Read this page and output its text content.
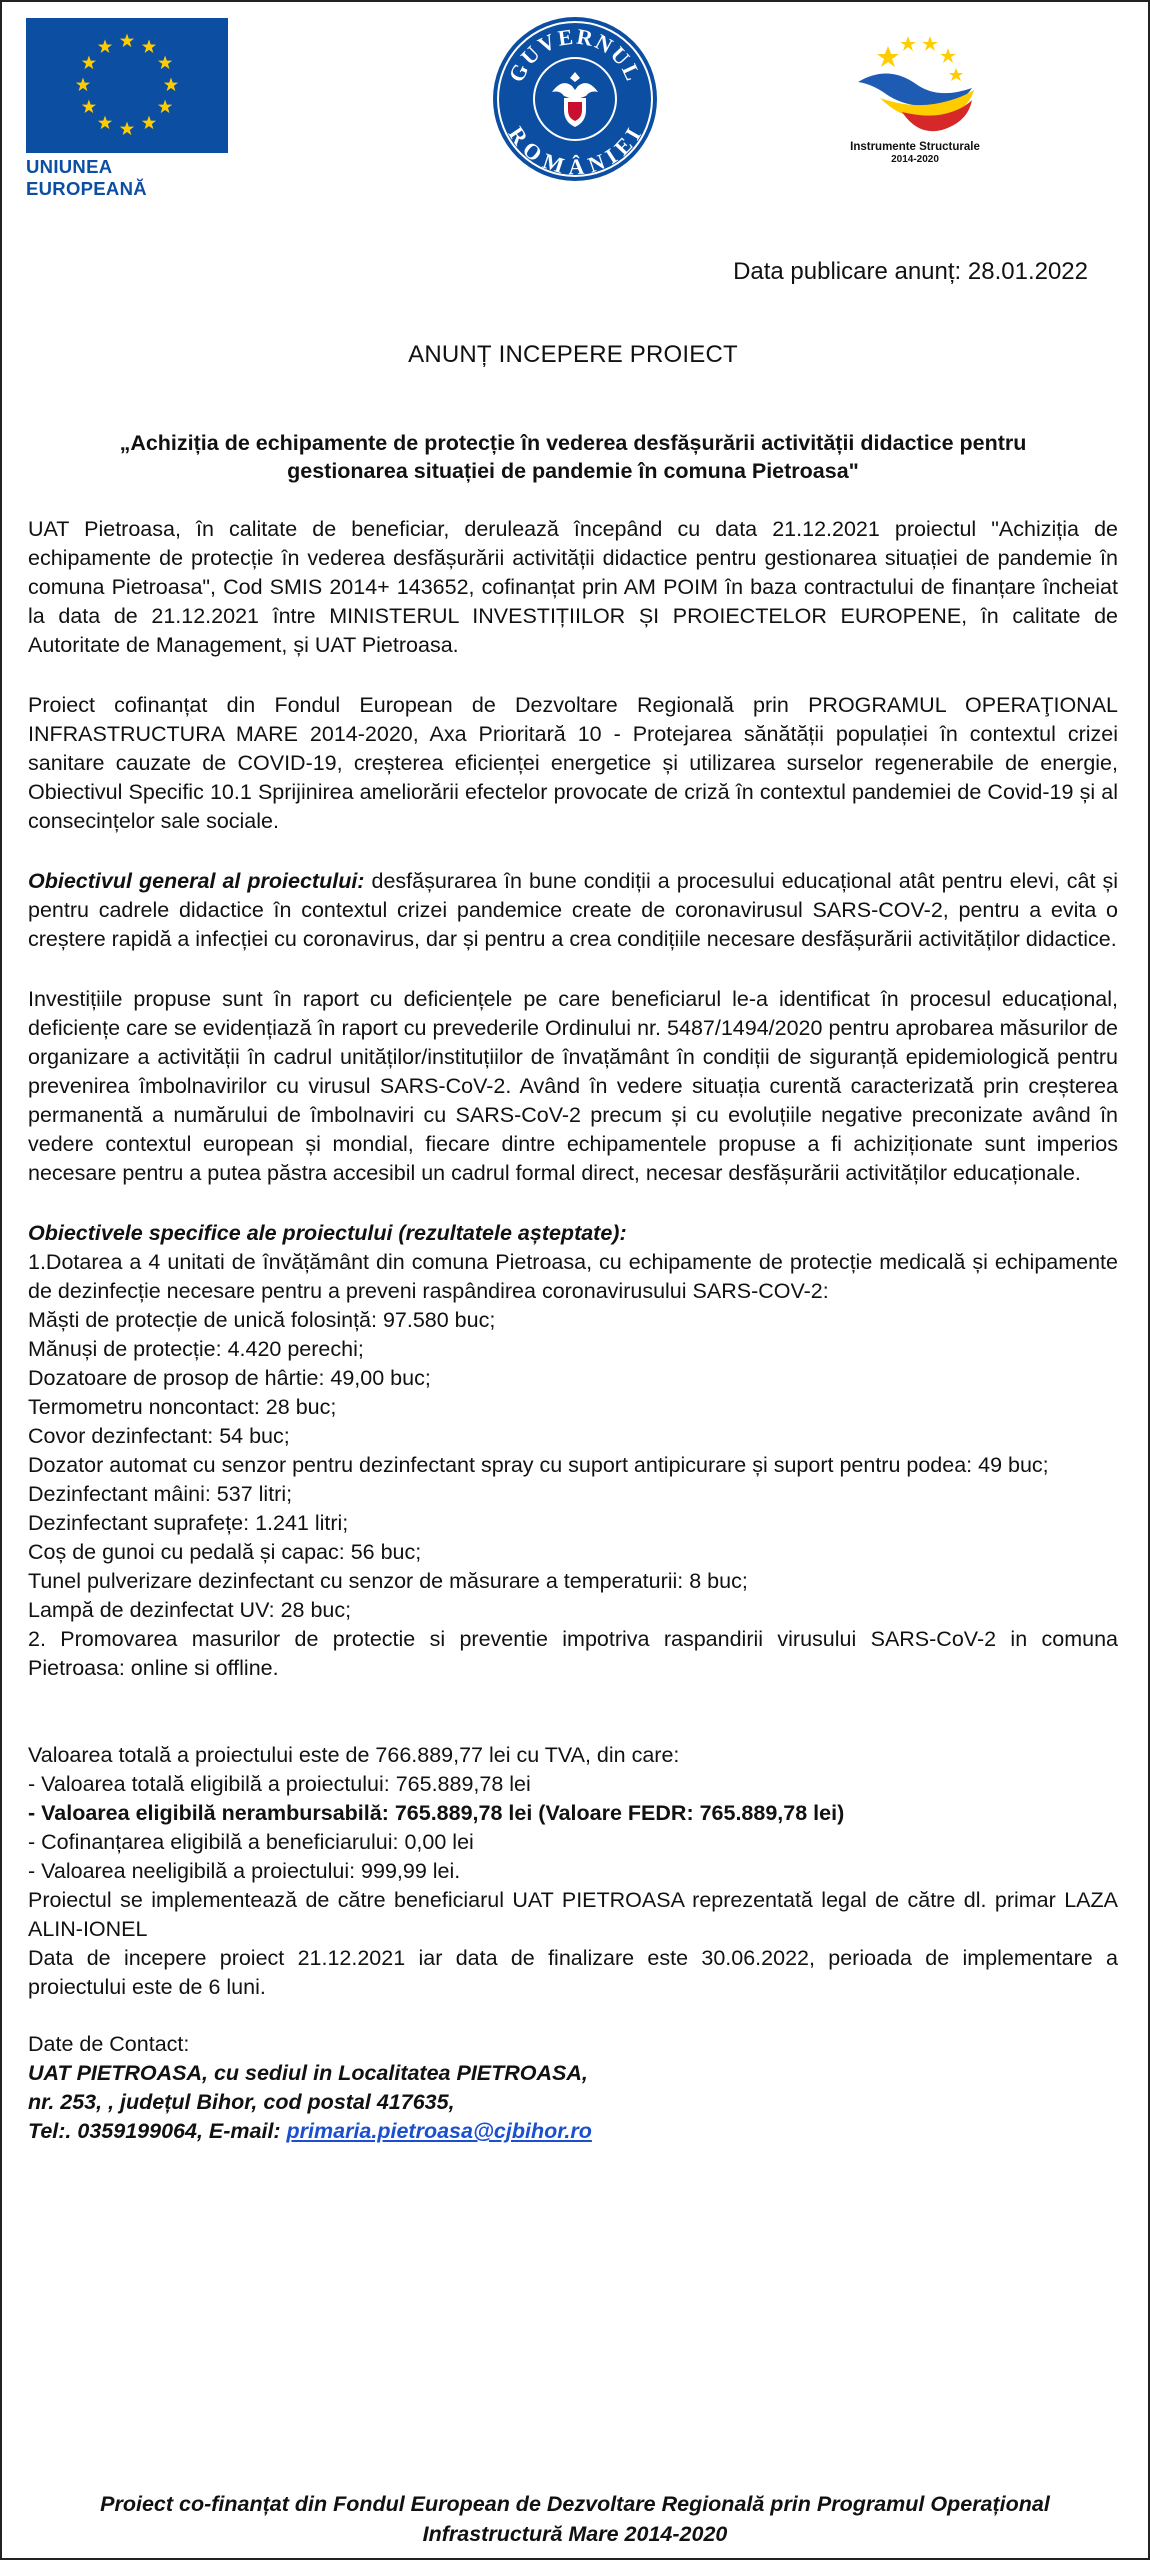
UNIUNEA EUROPEANĂ
GUVERNUL
ROMÂNIEI
Instrumente Structurale
2014-2020
Data publicare anunț: 28.01.2022
ANUNȚ INCEPERE PROIECT
„Achiziția de echipamente de protecție în vederea desfășurării activității didactice pentru gestionarea situației de pandemie în comuna Pietroasa"

UAT Pietroasa, în calitate de beneficiar, derulează începând cu data 21.12.2021 proiectul "Achiziția de echipamente de protecție în vederea desfășurării activității didactice pentru gestionarea situației de pandemie în comuna Pietroasa", Cod SMIS 2014+ 143652, cofinanțat prin AM POIM în baza contractului de finanțare încheiat la data de 21.12.2021 între MINISTERUL INVESTIȚIILOR ȘI PROIECTELOR EUROPENE, în calitate de Autoritate de Management, și UAT Pietroasa.

Proiect cofinanțat din Fondul European de Dezvoltare Regională prin PROGRAMUL OPERAŢIONAL INFRASTRUCTURA MARE 2014-2020, Axa Prioritară 10 - Protejarea sănătății populației în contextul crizei sanitare cauzate de COVID-19, creșterea eficienței energetice și utilizarea surselor regenerabile de energie, Obiectivul Specific 10.1 Sprijinirea ameliorării efectelor provocate de criză în contextul pandemiei de Covid-19 și al consecințelor sale sociale.

Obiectivul general al proiectului: desfășurarea în bune condiții a procesului educațional atât pentru elevi, cât și pentru cadrele didactice în contextul crizei pandemice create de coronavirusul SARS-COV-2, pentru a evita o creștere rapidă a infecției cu coronavirus, dar și pentru a crea condițiile necesare desfășurării activităților didactice.

Investițiile propuse sunt în raport cu deficiențele pe care beneficiarul le-a identificat în procesul educațional, deficiențe care se evidențiază în raport cu prevederile Ordinului nr. 5487/1494/2020 pentru aprobarea măsurilor de organizare a activității în cadrul unităților/instituțiilor de învațământ în condiții de siguranță epidemiologică pentru prevenirea îmbolnavirilor cu virusul SARS-CoV-2. Având în vedere situația curentă caracterizată prin creșterea permanentă a numărului de îmbolnaviri cu SARS-CoV-2 precum și cu evoluțiile negative preconizate având în vedere contextul european și mondial, fiecare dintre echipamentele propuse a fi achiziționate sunt imperios necesare pentru a putea păstra accesibil un cadrul formal direct, necesar desfășurării activităților educaționale.

Obiectivele specifice ale proiectului (rezultatele așteptate):

1.Dotarea a 4 unitati de învățământ din comuna Pietroasa, cu echipamente de protecție medicală și echipamente de dezinfecție necesare pentru a preveni raspândirea coronavirusului SARS-COV-2:

Măști de protecție de unică folosință: 97.580 buc;

Mănuși de protecție: 4.420 perechi;

Dozatoare de prosop de hârtie: 49,00 buc;

Termometru noncontact: 28 buc;

Covor dezinfectant: 54 buc;

Dozator automat cu senzor pentru dezinfectant spray cu suport antipicurare și suport pentru podea: 49 buc;

Dezinfectant mâini: 537 litri;

Dezinfectant suprafețe: 1.241 litri;

Coș de gunoi cu pedală și capac: 56 buc;

Tunel pulverizare dezinfectant cu senzor de măsurare a temperaturii: 8 buc;

Lampă de dezinfectat UV: 28 buc;

2. Promovarea masurilor de protectie si preventie impotriva raspandirii virusului SARS-CoV-2 in comuna Pietroasa: online si offline.

Valoarea totală a proiectului este de 766.889,77 lei cu TVA, din care:

- Valoarea totală eligibilă a proiectului: 765.889,78 lei

- Valoarea eligibilă nerambursabilă: 765.889,78 lei (Valoare FEDR: 765.889,78 lei)

- Cofinanțarea eligibilă a beneficiarului: 0,00 lei

- Valoarea neeligibilă a proiectului: 999,99 lei.

Proiectul se implementează de către beneficiarul UAT PIETROASA reprezentată legal de către dl. primar LAZA ALIN-IONEL

Data de incepere proiect 21.12.2021 iar data de finalizare este 30.06.2022, perioada de implementare a proiectului este de 6 luni.

Date de Contact:

UAT PIETROASA, cu sediul in Localitatea PIETROASA,

nr. 253, , județul Bihor, cod postal 417635,

Tel:. 0359199064, E-mail: primaria.pietroasa@cjbihor.ro

Proiect co-finanțat din Fondul European de Dezvoltare Regională prin Programul Operațional
Infrastructură Mare 2014-2020
